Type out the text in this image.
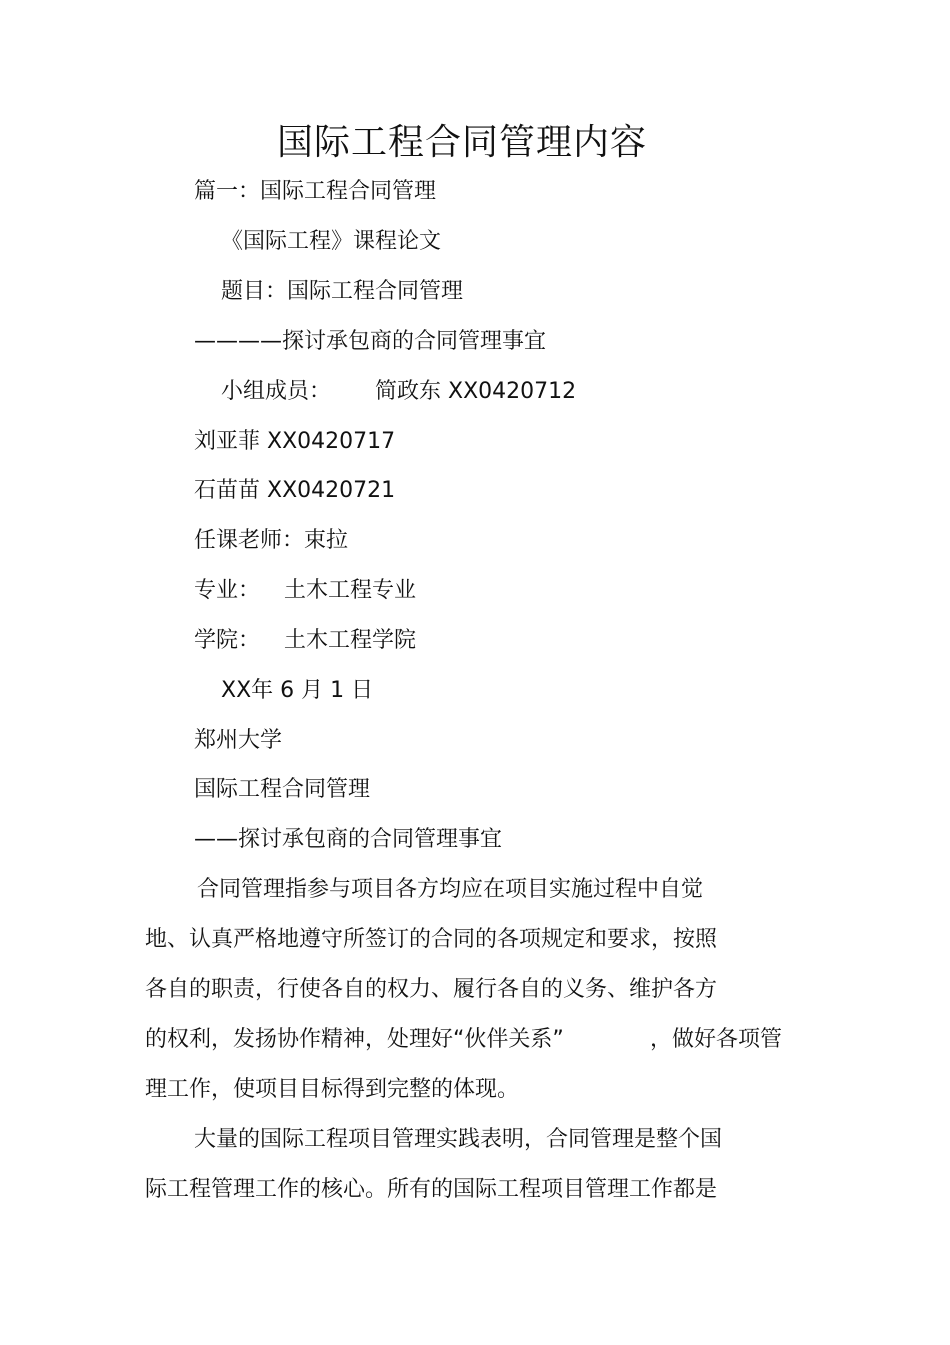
国际工程合同管理内容
篇一：国际工程合同管理
《国际工程》课程论文
题目：国际工程合同管理
————探讨承包商的合同管理事宜
小组成员： 简政东 XX0420712
刘亚菲 XX0420717
石苗苗 XX0420721
任课老师：束拉
专业： 土木工程专业
学院： 土木工程学院
XX年 6 月 1 日
郑州大学
国际工程合同管理
——探讨承包商的合同管理事宜
合同管理指参与项目各方均应在项目实施过程中自觉
地、认真严格地遵守所签订的合同的各项规定和要求，按照
各自的职责，行使各自的权力、履行各自的义务、维护各方
的权利，发扬协作精神，处理好“伙伴关系”	，做好各项管
理工作，使项目目标得到完整的体现。
大量的国际工程项目管理实践表明，合同管理是整个国
际工程管理工作的核心。所有的国际工程项目管理工作都是
